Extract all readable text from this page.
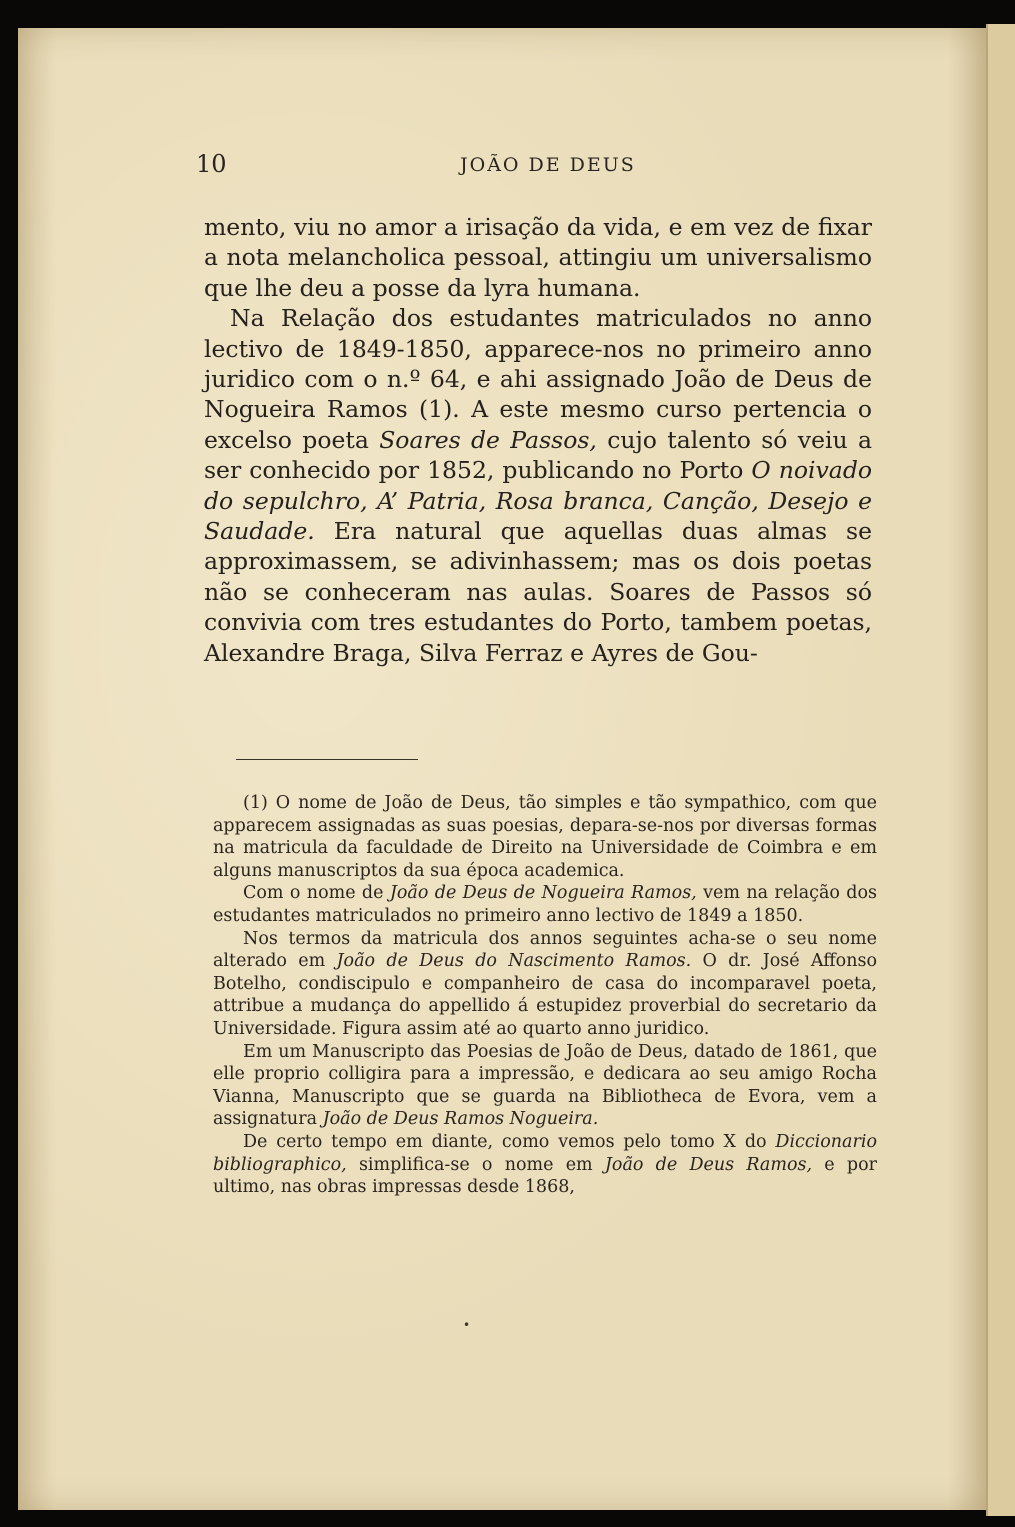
10	JOÃO DE DEUS

mento, viu no amor a irisação da vida, e em vez de fixar a nota melancholica pessoal, attingiu um universalismo que lhe deu a posse da lyra humana.

Na Relação dos estudantes matriculados no anno lectivo de 1849-1850, apparece-nos no primeiro anno juridico com o n.º 64, e ahi assignado João de Deus de Nogueira Ramos (1). A este mesmo curso pertencia o excelso poeta Soares de Passos, cujo talento só veiu a ser conhecido por 1852, publicando no Porto O noivado do sepulchro, A’ Patria, Rosa branca, Canção, Desejo e Saudade. Era natural que aquellas duas almas se approximassem, se adivinhassem; mas os dois poetas não se conheceram nas aulas. Soares de Passos só convivia com tres estudantes do Porto, tambem poetas, Alexandre Braga, Silva Ferraz e Ayres de Gou-

(1) O nome de João de Deus, tão simples e tão sympathico, com que apparecem assignadas as suas poesias, depara-se-nos por diversas formas na matricula da faculdade de Direito na Universidade de Coimbra e em alguns manuscriptos da sua época academica.

Com o nome de João de Deus de Nogueira Ramos, vem na relação dos estudantes matriculados no primeiro anno lectivo de 1849 a 1850.

Nos termos da matricula dos annos seguintes acha-se o seu nome alterado em João de Deus do Nascimento Ramos. O dr. José Affonso Botelho, condiscipulo e companheiro de casa do incomparavel poeta, attribue a mudança do appellido á estupidez proverbial do secretario da Universidade. Figura assim até ao quarto anno juridico.

Em um Manuscripto das Poesias de João de Deus, datado de 1861, que elle proprio colligira para a impressão, e dedicara ao seu amigo Rocha Vianna, Manuscripto que se guarda na Bibliotheca de Evora, vem a assignatura João de Deus Ramos Nogueira.

De certo tempo em diante, como vemos pelo tomo X do Diccionario bibliographico, simplifica-se o nome em João de Deus Ramos, e por ultimo, nas obras impressas desde 1868,

•
